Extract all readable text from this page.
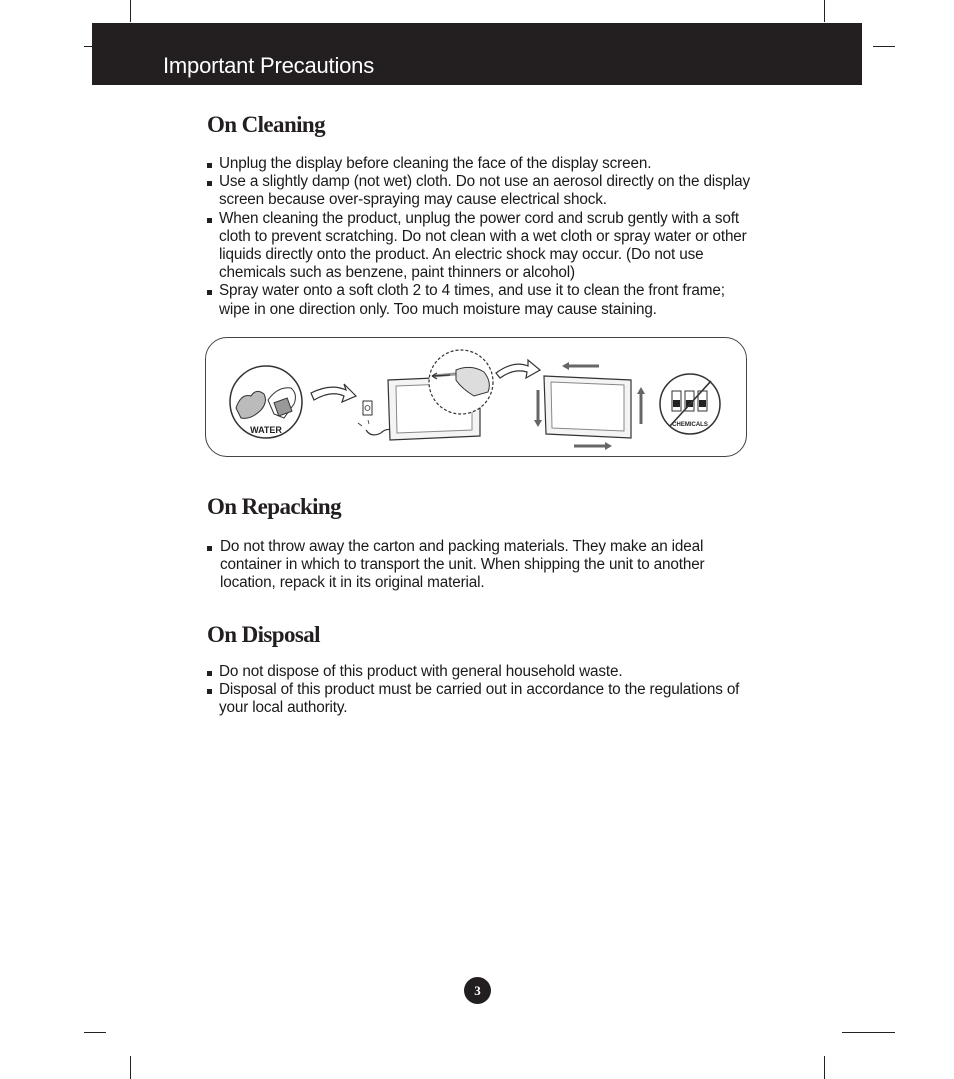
Important Precautions
On Cleaning
Unplug the display before cleaning the face of the display screen.
Use a slightly damp (not wet) cloth. Do not use an aerosol directly on the display screen because over-spraying may cause electrical shock.
When cleaning the product, unplug the power cord and scrub gently with a soft cloth to prevent scratching. Do not clean with a wet cloth or spray water or other liquids directly onto the product. An electric shock may occur. (Do not use chemicals such as benzene, paint thinners or alcohol)
Spray water onto a soft cloth 2 to 4 times, and use it to clean the front frame; wipe in one direction only. Too much moisture may cause staining.
WATER	CHEMICALS
On Repacking
Do not throw away the carton and packing materials. They make an ideal container in which to transport the unit. When shipping the unit to another location, repack it in its original material.
On Disposal
Do not dispose of this product with general household waste.
Disposal of this product must be carried out in accordance to the regulations of your local authority.
3
